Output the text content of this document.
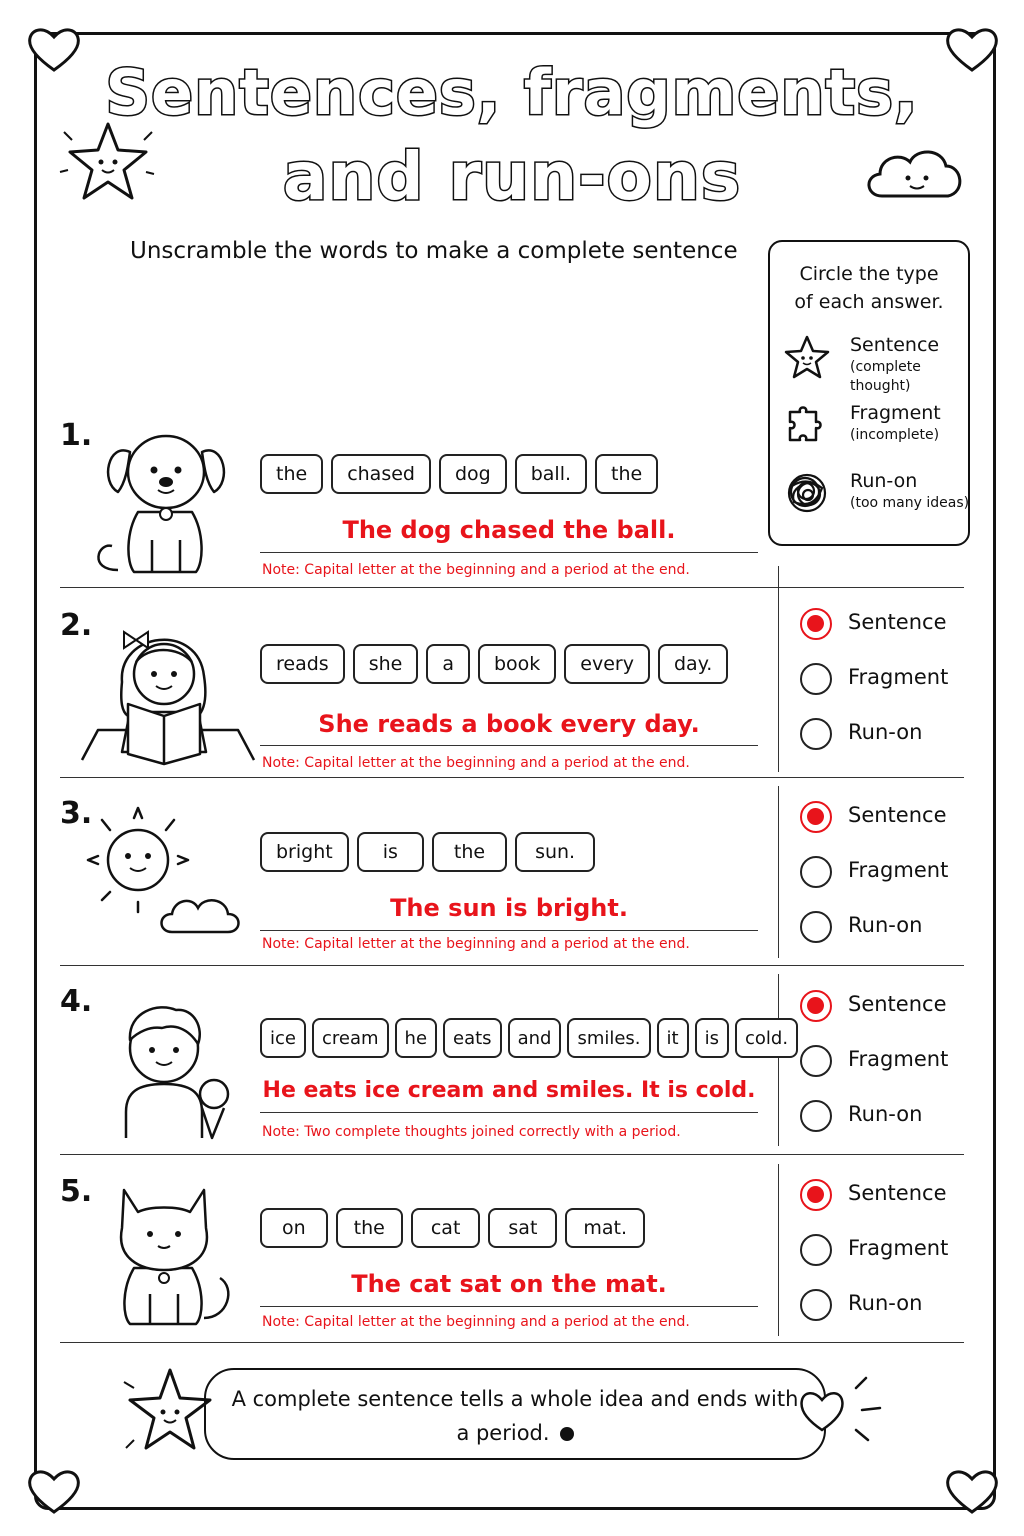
Sentences, fragments,
and run-ons
Unscramble the words to make a complete sentence
Circle the type
of each answer.
Sentence
(complete thought)
Fragment
(incomplete)
Run-on
(too many ideas)
1.
the	chased	dog	ball.	the
The dog chased the ball.
Note: Capital letter at the beginning and a period at the end.
2.
reads	she	a	book	every	day.
She reads a book every day.
Note: Capital letter at the beginning and a period at the end.
Sentence
Fragment
Run-on
3.
bright	is	the	sun.
The sun is bright.
Note: Capital letter at the beginning and a period at the end.
Sentence
Fragment
Run-on
4.
ice	cream	he	eats	and	smiles.	it	is	cold.
He eats ice cream and smiles. It is cold.
Note: Two complete thoughts joined correctly with a period.
Sentence
Fragment
Run-on
5.
on	the	cat	sat	mat.
The cat sat on the mat.
Note: Capital letter at the beginning and a period at the end.
Sentence
Fragment
Run-on
A complete sentence tells a whole idea and ends with
a period.
